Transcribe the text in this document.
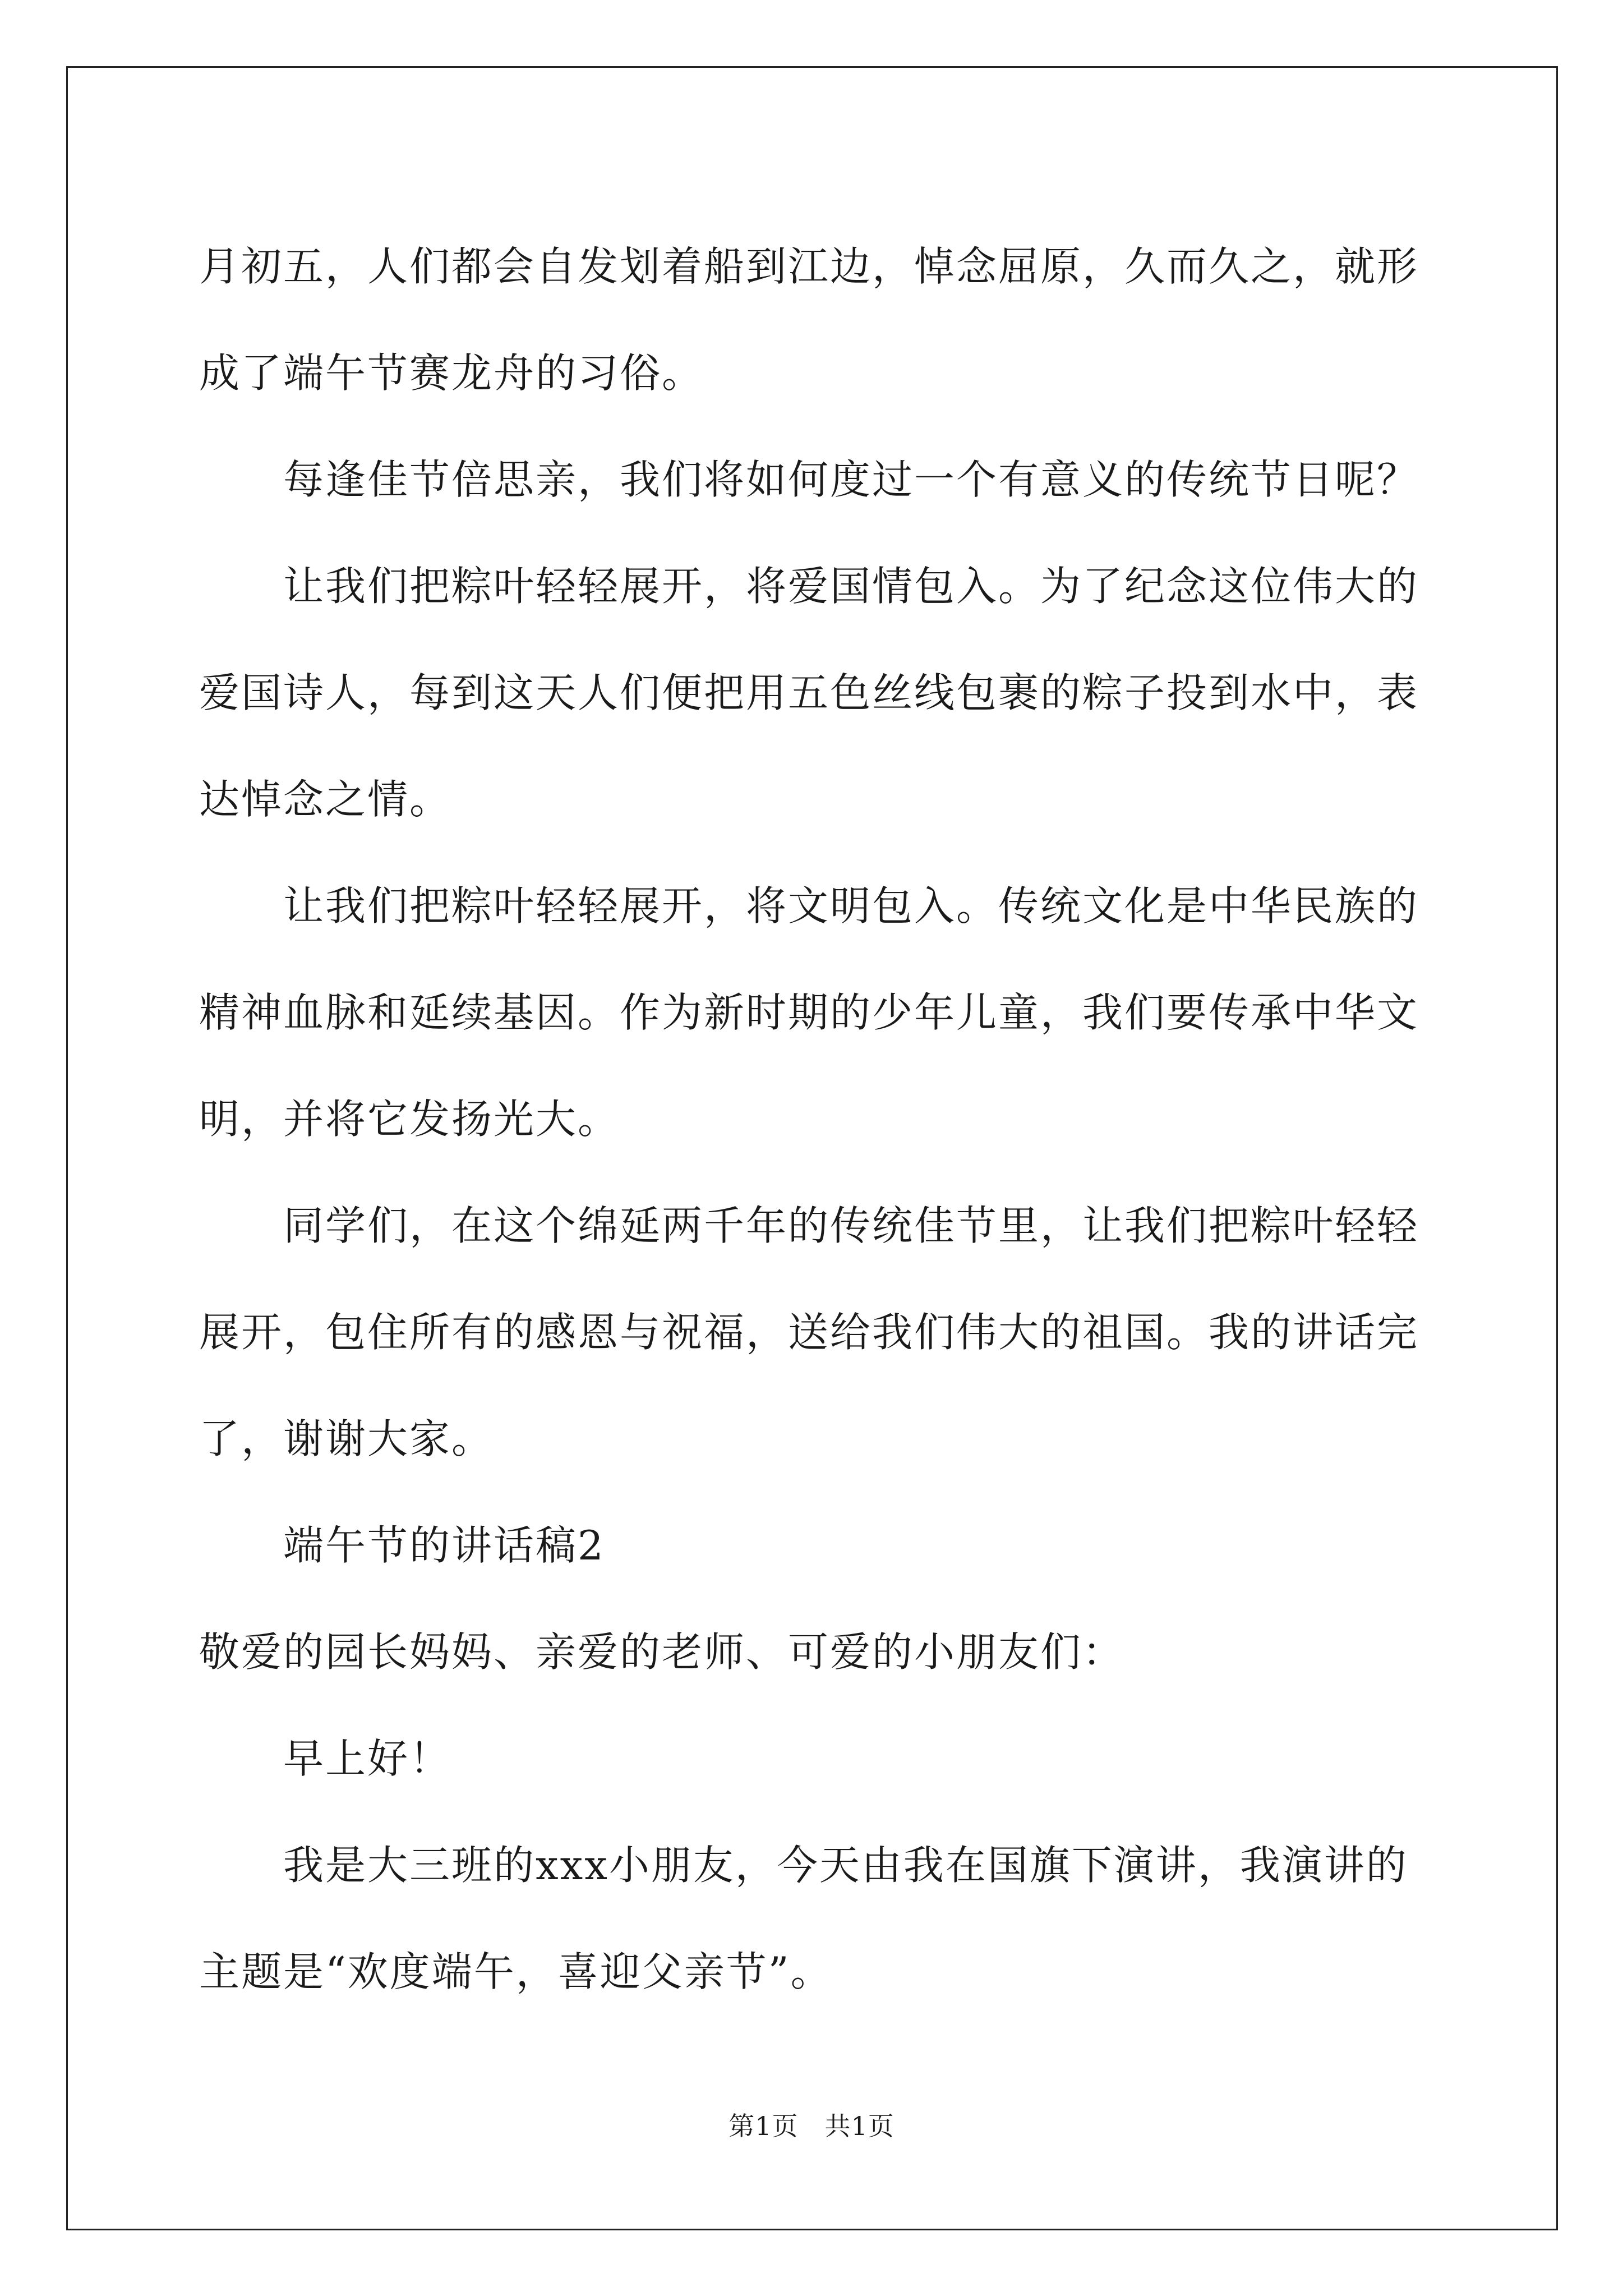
月初五，人们都会自发划着船到江边，悼念屈原，久而久之，就形成了端午节赛龙舟的习俗。

每逢佳节倍思亲，我们将如何度过一个有意义的传统节日呢？

让我们把粽叶轻轻展开，将爱国情包入。为了纪念这位伟大的爱国诗人，每到这天人们便把用五色丝线包裹的粽子投到水中，表达悼念之情。

让我们把粽叶轻轻展开，将文明包入。传统文化是中华民族的精神血脉和延续基因。作为新时期的少年儿童，我们要传承中华文明，并将它发扬光大。

同学们，在这个绵延两千年的传统佳节里，让我们把粽叶轻轻展开，包住所有的感恩与祝福，送给我们伟大的祖国。我的讲话完了，谢谢大家。

端午节的讲话稿2

敬爱的园长妈妈、亲爱的老师、可爱的小朋友们：

早上好！

我是大三班的xxx小朋友，今天由我在国旗下演讲，我演讲的主题是“欢度端午，喜迎父亲节”。

第1页 共1页
